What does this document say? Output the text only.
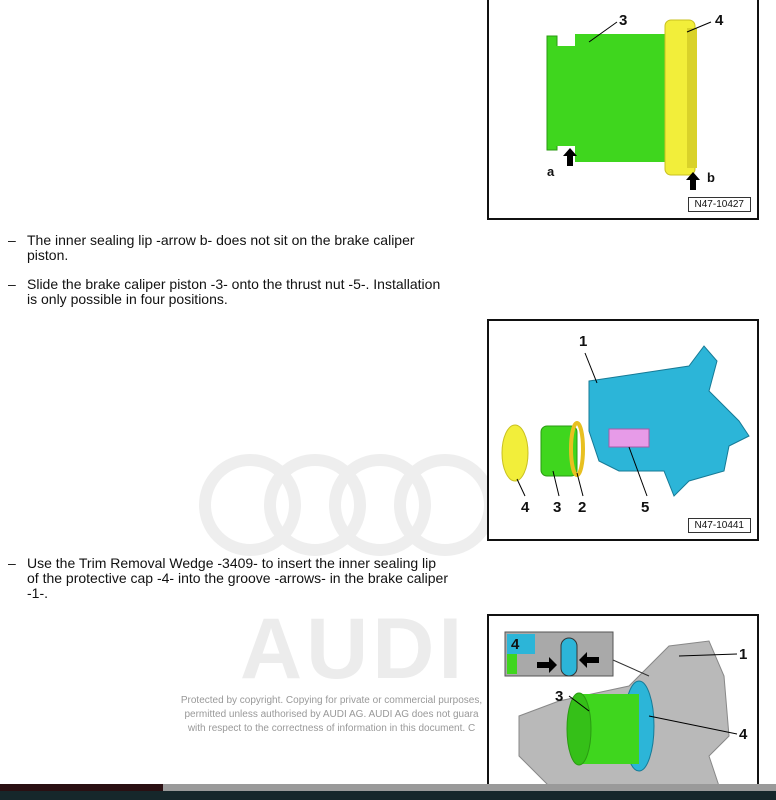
AUDI
– The inner sealing lip -arrow b- does not sit on the brake caliper piston.
– Slide the brake caliper piston -3- onto the thrust nut -5-. Installation is only possible in four positions.
– Use the Trim Removal Wedge -3409- to insert the inner sealing lip of the protective cap -4- into the groove -arrows- in the brake caliper -1-.
3	4
a	b
N47-10427
1
4 3 2	5
N47-10441
4
1
3
4
Protected by copyright. Copying for private or commercial purposes,
permitted unless authorised by AUDI AG. AUDI AG does not guara
with respect to the correctness of information in this document. C
